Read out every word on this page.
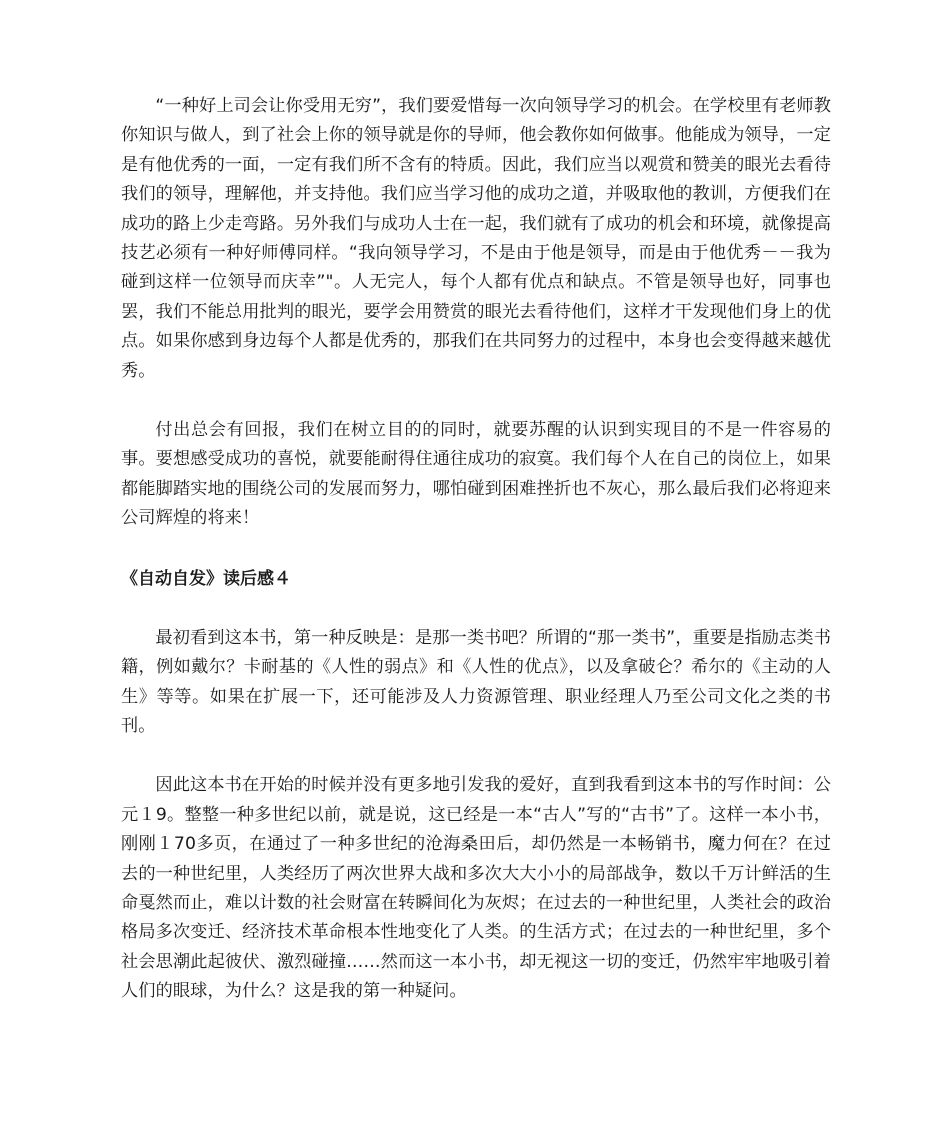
“一种好上司会让你受用无穷”，我们要爱惜每一次向领导学习的机会。在学校里有老师教你知识与做人，到了社会上你的领导就是你的导师，他会教你如何做事。他能成为领导，一定是有他优秀的一面，一定有我们所不含有的特质。因此，我们应当以观赏和赞美的眼光去看待我们的领导，理解他，并支持他。我们应当学习他的成功之道，并吸取他的教训，方便我们在成功的路上少走弯路。另外我们与成功人士在一起，我们就有了成功的机会和环境，就像提高技艺必须有一种好师傅同样。“我向领导学习，不是由于他是领导，而是由于他优秀－－我为碰到这样一位领导而庆幸”"。人无完人，每个人都有优点和缺点。不管是领导也好，同事也罢，我们不能总用批判的眼光，要学会用赞赏的眼光去看待他们，这样才干发现他们身上的优点。如果你感到身边每个人都是优秀的，那我们在共同努力的过程中，本身也会变得越来越优秀。

付出总会有回报，我们在树立目的的同时，就要苏醒的认识到实现目的不是一件容易的事。要想感受成功的喜悦，就要能耐得住通往成功的寂寞。我们每个人在自己的岗位上，如果都能脚踏实地的围绕公司的发展而努力，哪怕碰到困难挫折也不灰心，那么最后我们必将迎来公司辉煌的将来！

《自动自发》读后感４

最初看到这本书，第一种反映是：是那一类书吧？所谓的“那一类书”，重要是指励志类书籍，例如戴尔？卡耐基的《人性的弱点》和《人性的优点》，以及拿破仑？希尔的《主动的人生》等等。如果在扩展一下，还可能涉及人力资源管理、职业经理人乃至公司文化之类的书刊。

因此这本书在开始的时候并没有更多地引发我的爱好，直到我看到这本书的写作时间：公元１9。整整一种多世纪以前，就是说，这已经是一本“古人”写的“古书”了。这样一本小书，刚刚１70多页，在通过了一种多世纪的沧海桑田后，却仍然是一本畅销书，魔力何在？在过去的一种世纪里，人类经历了两次世界大战和多次大大小小的局部战争，数以千万计鲜活的生命戛然而止，难以计数的社会财富在转瞬间化为灰烬；在过去的一种世纪里，人类社会的政治格局多次变迁、经济技术革命根本性地变化了人类。的生活方式；在过去的一种世纪里，多个社会思潮此起彼伏、激烈碰撞……然而这一本小书，却无视这一切的变迁，仍然牢牢地吸引着人们的眼球，为什么？这是我的第一种疑问。
